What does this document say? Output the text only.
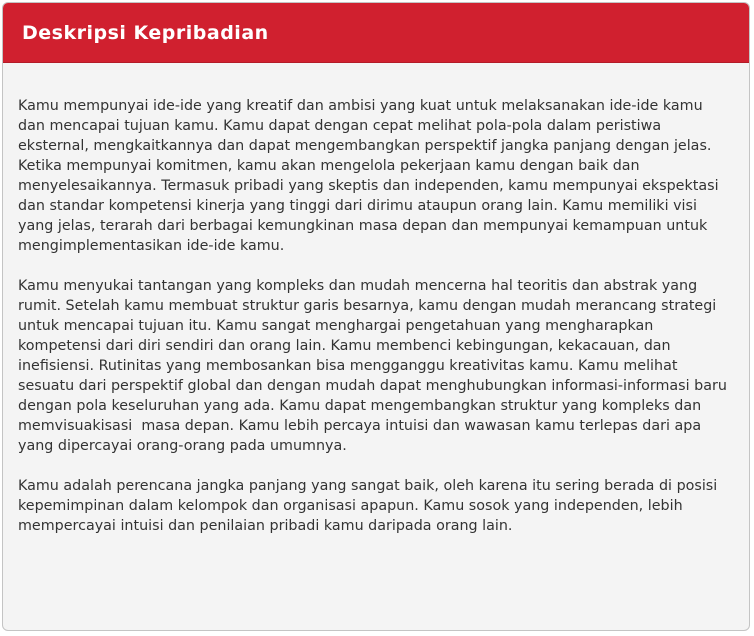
Deskripsi Kepribadian

Kamu mempunyai ide-ide yang kreatif dan ambisi yang kuat untuk melaksanakan ide-ide kamu dan mencapai tujuan kamu. Kamu dapat dengan cepat melihat pola-pola dalam peristiwa eksternal, mengkaitkannya dan dapat mengembangkan perspektif jangka panjang dengan jelas. Ketika mempunyai komitmen, kamu akan mengelola pekerjaan kamu dengan baik dan menyelesaikannya. Termasuk pribadi yang skeptis dan independen, kamu mempunyai ekspektasi dan standar kompetensi kinerja yang tinggi dari dirimu ataupun orang lain. Kamu memiliki visi yang jelas, terarah dari berbagai kemungkinan masa depan dan mempunyai kemampuan untuk mengimplementasikan ide-ide kamu.

Kamu menyukai tantangan yang kompleks dan mudah mencerna hal teoritis dan abstrak yang rumit. Setelah kamu membuat struktur garis besarnya, kamu dengan mudah merancang strategi untuk mencapai tujuan itu. Kamu sangat menghargai pengetahuan yang mengharapkan kompetensi dari diri sendiri dan orang lain. Kamu membenci kebingungan, kekacauan, dan inefisiensi. Rutinitas yang membosankan bisa mengganggu kreativitas kamu. Kamu melihat sesuatu dari perspektif global dan dengan mudah dapat menghubungkan informasi-informasi baru dengan pola keseluruhan yang ada. Kamu dapat mengembangkan struktur yang kompleks dan memvisuakisasi  masa depan. Kamu lebih percaya intuisi dan wawasan kamu terlepas dari apa yang dipercayai orang-orang pada umumnya.

Kamu adalah perencana jangka panjang yang sangat baik, oleh karena itu sering berada di posisi kepemimpinan dalam kelompok dan organisasi apapun. Kamu sosok yang independen, lebih mempercayai intuisi dan penilaian pribadi kamu daripada orang lain.
